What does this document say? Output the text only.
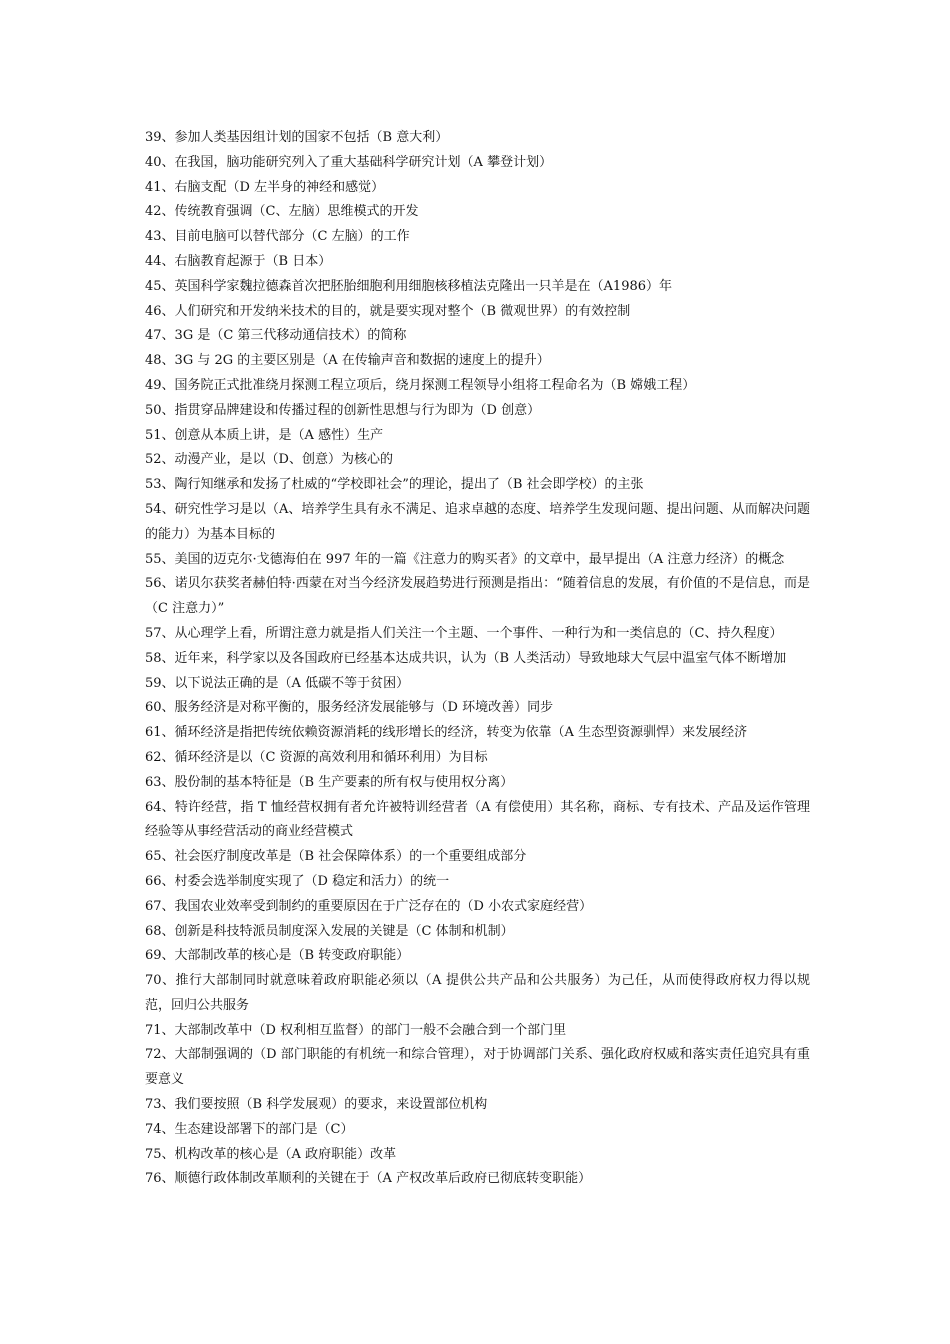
39、参加人类基因组计划的国家不包括（B 意大利）

40、在我国，脑功能研究列入了重大基础科学研究计划（A 攀登计划）

41、右脑支配（D 左半身的神经和感觉）

42、传统教育强调（C、左脑）思维模式的开发

43、目前电脑可以替代部分（C 左脑）的工作

44、右脑教育起源于（B 日本）

45、英国科学家魏拉德森首次把胚胎细胞利用细胞核移植法克隆出一只羊是在（A1986）年

46、人们研究和开发纳米技术的目的，就是要实现对整个（B 微观世界）的有效控制

47、3G 是（C 第三代移动通信技术）的简称

48、3G 与 2G 的主要区别是（A 在传输声音和数据的速度上的提升）

49、国务院正式批准绕月探测工程立项后，绕月探测工程领导小组将工程命名为（B 嫦娥工程）

50、指贯穿品牌建设和传播过程的创新性思想与行为即为（D 创意）

51、创意从本质上讲，是（A 感性）生产

52、动漫产业，是以（D、创意）为核心的

53、陶行知继承和发扬了杜威的“学校即社会”的理论，提出了（B 社会即学校）的主张

54、研究性学习是以（A、培养学生具有永不满足、追求卓越的态度、培养学生发现问题、提出问题、从而解决问题的能力）为基本目标的

55、美国的迈克尔·戈德海伯在 997 年的一篇《注意力的购买者》的文章中，最早提出（A 注意力经济）的概念

56、诺贝尔获奖者赫伯特·西蒙在对当今经济发展趋势进行预测是指出：“随着信息的发展，有价值的不是信息，而是（C 注意力）”

57、从心理学上看，所谓注意力就是指人们关注一个主题、一个事件、一种行为和一类信息的（C、持久程度）

58、近年来，科学家以及各国政府已经基本达成共识，认为（B 人类活动）导致地球大气层中温室气体不断增加

59、以下说法正确的是（A 低碳不等于贫困）

60、服务经济是对称平衡的，服务经济发展能够与（D 环境改善）同步

61、循环经济是指把传统依赖资源消耗的线形增长的经济，转变为依靠（A 生态型资源驯悍）来发展经济

62、循环经济是以（C 资源的高效利用和循环利用）为目标

63、股份制的基本特征是（B 生产要素的所有权与使用权分离）

64、特许经营，指 T 恤经营权拥有者允许被特训经营者（A 有偿使用）其名称，商标、专有技术、产品及运作管理经验等从事经营活动的商业经营模式

65、社会医疗制度改革是（B 社会保障体系）的一个重要组成部分

66、村委会选举制度实现了（D 稳定和活力）的统一

67、我国农业效率受到制约的重要原因在于广泛存在的（D 小农式家庭经营）

68、创新是科技特派员制度深入发展的关键是（C 体制和机制）

69、大部制改革的核心是（B 转变政府职能）

70、推行大部制同时就意味着政府职能必须以（A 提供公共产品和公共服务）为己任，从而使得政府权力得以规范，回归公共服务

71、大部制改革中（D 权利相互监督）的部门一般不会融合到一个部门里

72、大部制强调的（D 部门职能的有机统一和综合管理），对于协调部门关系、强化政府权威和落实责任追究具有重要意义

73、我们要按照（B 科学发展观）的要求，来设置部位机构

74、生态建设部署下的部门是（C）

75、机构改革的核心是（A 政府职能）改革

76、顺德行政体制改革顺利的关键在于（A 产权改革后政府已彻底转变职能）
